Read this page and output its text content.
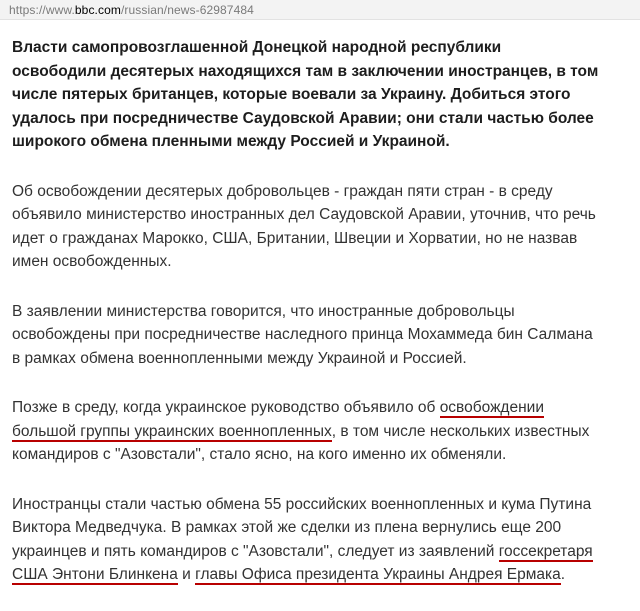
https://www.bbc.com/russian/news-62987484

Власти самопровозглашенной Донецкой народной республики
освободили десятерых находящихся там в заключении иностранцев, в том
числе пятерых британцев, которые воевали за Украину. Добиться этого
удалось при посредничестве Саудовской Аравии; они стали частью более
широкого обмена пленными между Россией и Украиной.

Об освобождении десятерых добровольцев - граждан пяти стран - в среду
объявило министерство иностранных дел Саудовской Аравии, уточнив, что речь
идет о гражданах Марокко, США, Британии, Швеции и Хорватии, но не назвав
имен освобожденных.

В заявлении министерства говорится, что иностранные добровольцы
освобождены при посредничестве наследного принца Мохаммеда бин Салмана
в рамках обмена военнопленными между Украиной и Россией.

Позже в среду, когда украинское руководство объявило об освобождении
большой группы украинских военнопленных, в том числе нескольких известных
командиров с "Азовстали", стало ясно, на кого именно их обменяли.

Иностранцы стали частью обмена 55 российских военнопленных и кума Путина
Виктора Медведчука. В рамках этой же сделки из плена вернулись еще 200
украинцев и пять командиров с "Азовстали", следует из заявлений госсекретаря
США Энтони Блинкена и главы Офиса президента Украины Андрея Ермака.
